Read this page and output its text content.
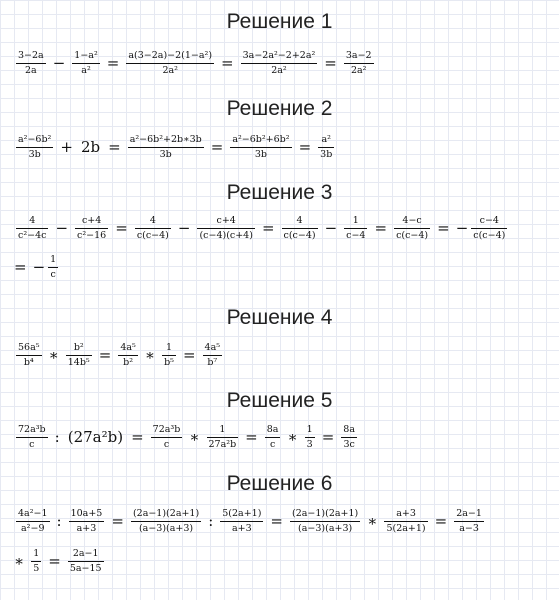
Решение 1
$\frac{3-2a}{2a} - \frac{\text{1−a²}}{\text{a²}} = \frac{\text{a(3−2a)−2(1−a²)}}{\text{2a²}} = \frac{\text{3a−2a²−2+2a²}}{\text{2a²}} = \frac{3a-2}{\text{2a²}}$
Решение 2
$\frac{\text{a²−6b²}}{3b} + 2b = \frac{\text{a²−6b²+2b∗3b}}{3b} = \frac{\text{a²−6b²+6b²}}{3b} = \frac{\text{a²}}{3b}$
Решение 3
$\frac{4}{\text{c²−4c}} - \frac{c+4}{\text{c²−16}} = \frac{4}{c(c-4)} - \frac{c+4}{(c-4)(c+4)} = \frac{4}{c(c-4)} - \frac{1}{c-4} = \frac{4-c}{c(c-4)}$ = − $\frac{c-4}{c(c-4)}$
= − $\frac{1}{c}$
Решение 4
$\frac{\text{56a⁵}}{\text{b⁴}}$ ∗ $\frac{\text{b²}}{\text{14b⁵}} = \frac{\text{4a⁵}}{\text{b²}}$ ∗ $\frac{1}{\text{b⁵}} = \frac{\text{4a⁵}}{\text{b⁷}}$
Решение 5
$\frac{\text{72a³b}}{c}$ : $(27a^2b) = \frac{\text{72a³b}}{c}$ ∗ $\frac{1}{\text{27a²b}} = \frac{8a}{c}$ ∗ $\frac{1}{3} = \frac{8a}{3c}$
Решение 6
$\frac{\text{4a²−1}}{\text{a²−9}}$ : $\frac{10a+5}{a+3} = \frac{(2a-1)(2a+1)}{(a-3)(a+3)}$ : $\frac{5(2a+1)}{a+3} = \frac{(2a-1)(2a+1)}{(a-3)(a+3)}$ ∗ $\frac{a+3}{5(2a+1)} = \frac{2a-1}{a-3}$
∗ $\frac{1}{5} = \frac{2a-1}{5a-15}$
